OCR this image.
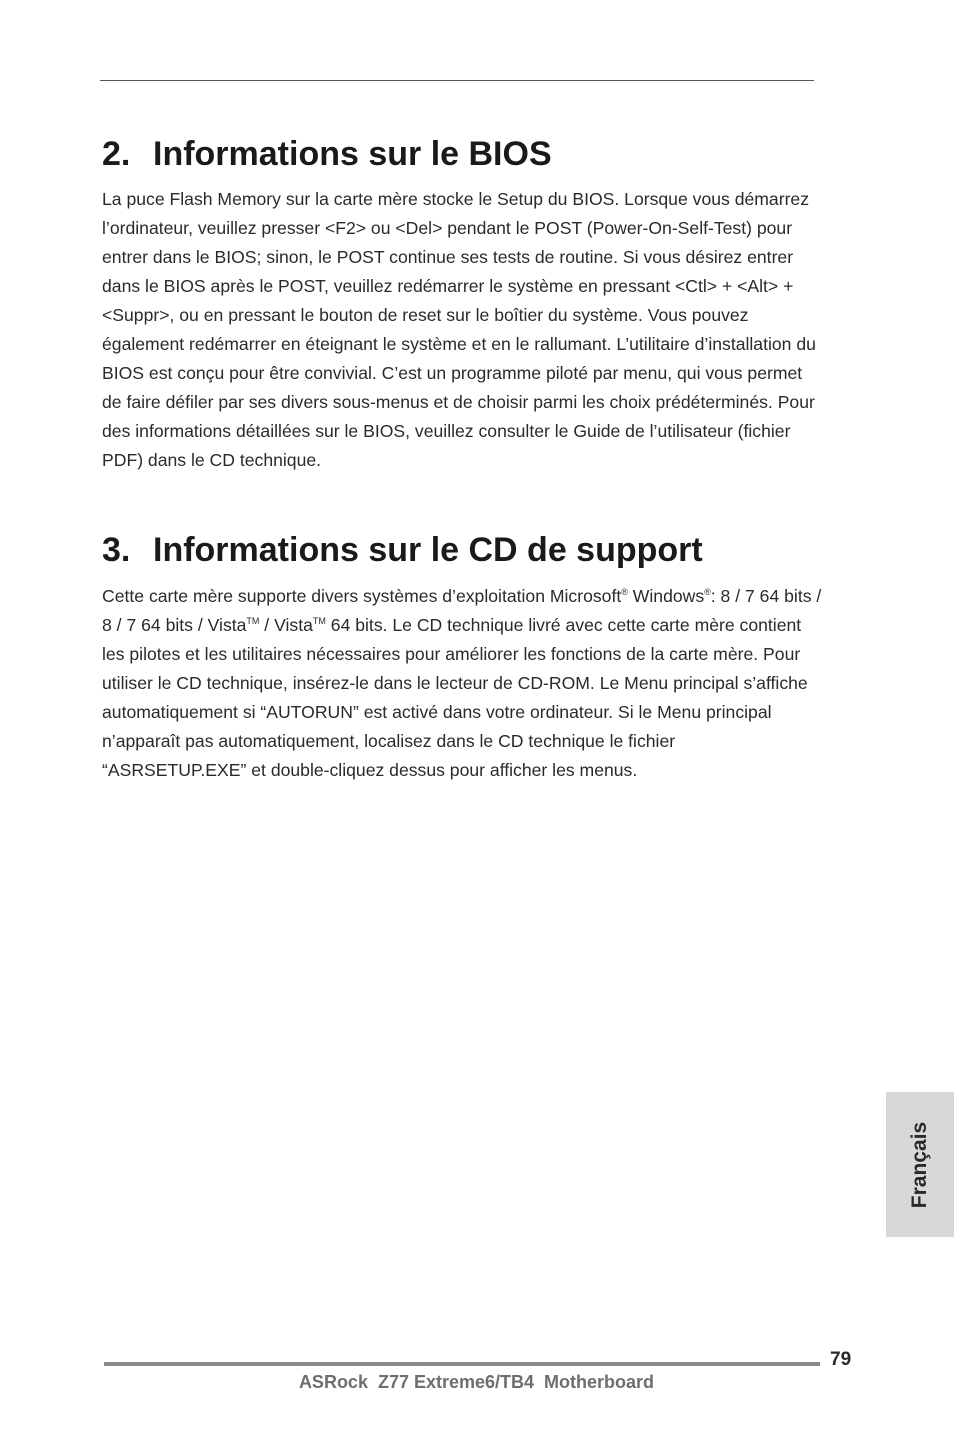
2. Informations sur le BIOS

La puce Flash Memory sur la carte mère stocke le Setup du BIOS. Lorsque vous démarrez l’ordinateur, veuillez presser <F2> ou <Del> pendant le POST (Power-On-Self-Test) pour entrer dans le BIOS; sinon, le POST continue ses tests de routine. Si vous désirez entrer dans le BIOS après le POST, veuillez redémarrer le système en pressant <Ctl> + <Alt> + <Suppr>, ou en pressant le bouton de reset sur le boîtier du système. Vous pouvez également redémarrer en éteignant le système et en le rallumant. L’utilitaire d’installation du BIOS est conçu pour être convivial. C’est un programme piloté par menu, qui vous permet de faire défiler par ses divers sous-menus et de choisir parmi les choix prédéterminés. Pour des informations détaillées sur le BIOS, veuillez consulter le Guide de l’utilisateur (fichier PDF) dans le CD technique.

3. Informations sur le CD de support

Cette carte mère supporte divers systèmes d’exploitation Microsoft® Windows®: 8 / 7 64 bits / 8 / 7 64 bits / Vista™ / Vista™ 64 bits. Le CD technique livré avec cette carte mère contient les pilotes et les utilitaires nécessaires pour améliorer les fonctions de la carte mère. Pour utiliser le CD technique, insérez-le dans le lecteur de CD-ROM. Le Menu principal s’affiche automatiquement si “AUTORUN” est activé dans votre ordinateur. Si le Menu principal n’apparaît pas automatiquement, localisez dans le CD technique le fichier “ASRSETUP.EXE” et double-cliquez dessus pour afficher les menus.

Français
79
ASRock  Z77 Extreme6/TB4  Motherboard
